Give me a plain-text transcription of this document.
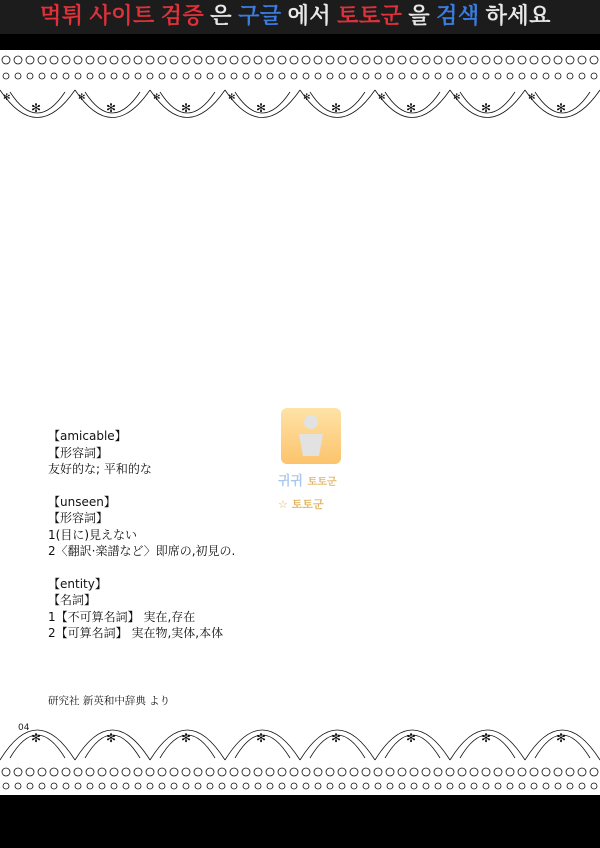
먹튀 사이트 검증 은 구글 에서 토토군 을 검색 하세요
✻
✻
✻
✻
✻
✻
✻
✻
✻
✻
✻
✻
✻
✻
✻
✻
✻	✻	✻	✻	✻	✻	✻	✻
귀귀 토토군
☆ 토토군
【amicable】
【形容詞】
友好的な; 平和的な
【unseen】
【形容詞】
1(目に)見えない
2〈翻訳·楽譜など〉即席の,初見の.
【entity】
【名詞】
1【不可算名詞】 実在,存在
2【可算名詞】 実在物,実体,本体
研究社 新英和中辞典 より
04
